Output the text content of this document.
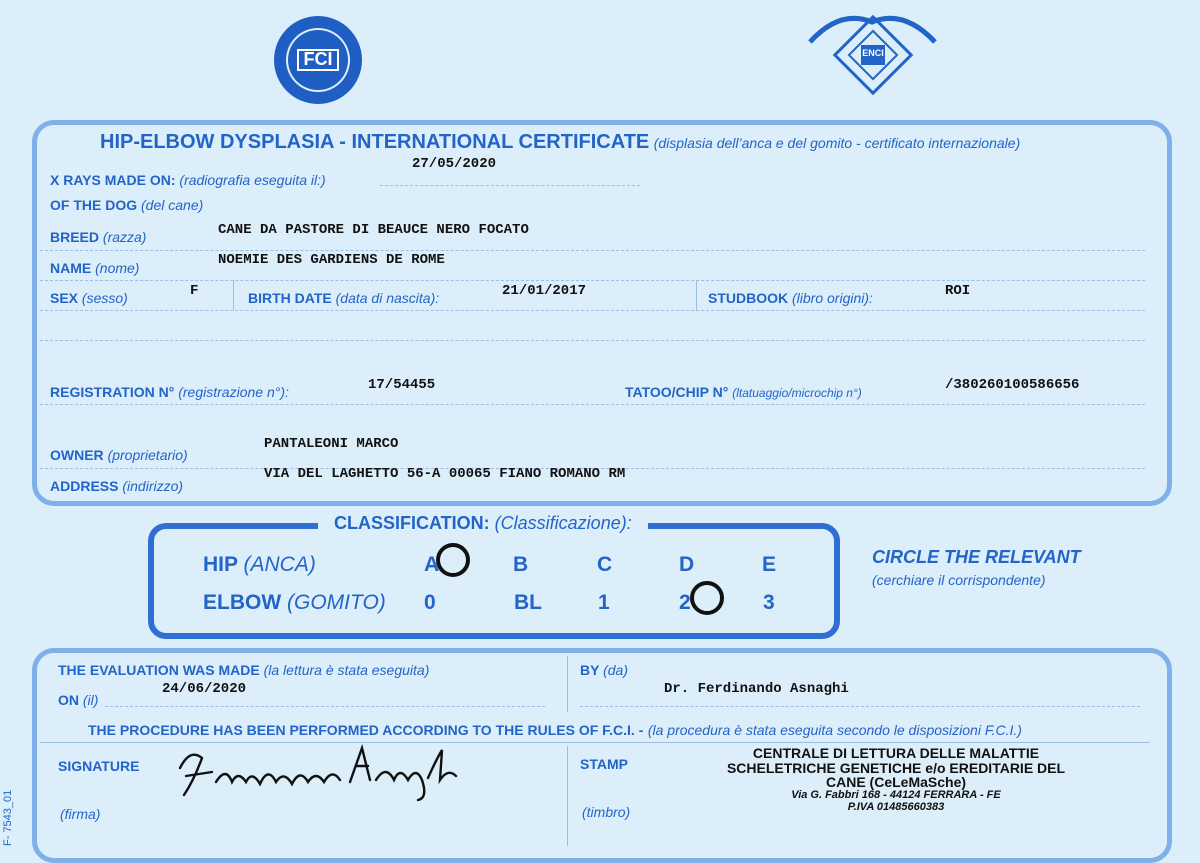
FCI	ENCI
HIP-ELBOW DYSPLASIA - INTERNATIONAL CERTIFICATE (displasia dell’anca e del gomito - certificato internazionale)
X RAYS MADE ON: (radiografia eseguita il:)
27/05/2020
OF THE DOG (del cane)
BREED (razza)	CANE DA PASTORE DI BEAUCE NERO FOCATO
NAME (nome)	NOEMIE DES GARDIENS DE ROME
SEX (sesso)	F	BIRTH DATE (data di nascita):	21/01/2017	STUDBOOK (libro origini):	ROI
REGISTRATION N° (registrazione n°):	17/54455	TATOO/CHIP N° (ltatuaggio/microchip n°)	/380260100586656
OWNER (proprietario)
PANTALEONI MARCO
ADDRESS (indirizzo)
VIA DEL LAGHETTO 56-A 00065 FIANO ROMANO RM
CLASSIFICATION: (Classificazione):
HIP (ANCA)	A	B	C	D	E
ELBOW (GOMITO) 0	BL	1	2	3
CIRCLE THE RELEVANT
(cerchiare il corrispondente)
THE EVALUATION WAS MADE (la lettura è stata eseguita)
ON (il)
24/06/2020
BY (da)
Dr. Ferdinando Asnaghi
THE PROCEDURE HAS BEEN PERFORMED ACCORDING TO THE RULES OF F.C.I. - (la procedura è stata eseguita secondo le disposizioni F.C.I.)
SIGNATURE
(firma)
STAMP
(timbro)
CENTRALE DI LETTURA DELLE MALATTIE
SCHELETRICHE GENETICHE e/o EREDITARIE DEL
CANE (CeLeMaSche)
Via G. Fabbri 168 - 44124 FERRARA - FE
P.IVA 01485660383
F- 7543_01
